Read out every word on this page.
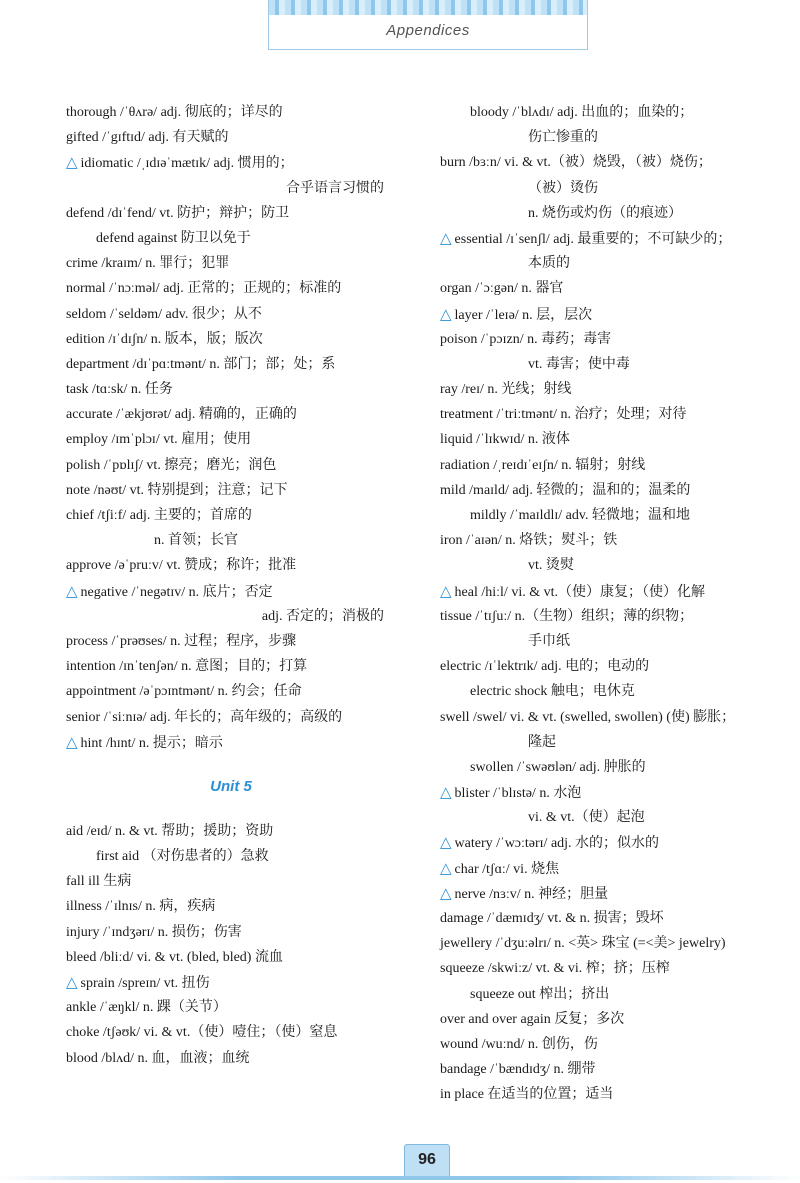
Appendices
thorough /ˈθʌrə/ adj. 彻底的；详尽的
gifted /ˈgɪftɪd/ adj. 有天赋的
△ idiomatic /ˌɪdɪəˈmætɪk/ adj. 惯用的；
合乎语言习惯的
defend /dɪˈfend/ vt. 防护；辩护；防卫
defend against 防卫以免于
crime /kraɪm/ n. 罪行；犯罪
normal /ˈnɔːməl/ adj. 正常的；正规的；标准的
seldom /ˈseldəm/ adv. 很少；从不
edition /ɪˈdɪʃn/ n. 版本，版；版次
department /dɪˈpɑːtmənt/ n. 部门；部；处；系
task /tɑːsk/ n. 任务
accurate /ˈækjʊrət/ adj. 精确的，正确的
employ /ɪmˈplɔɪ/ vt. 雇用；使用
polish /ˈpɒlɪʃ/ vt. 擦亮；磨光；润色
note /nəʊt/ vt. 特别提到；注意；记下
chief /tʃiːf/ adj. 主要的；首席的
n. 首领；长官
approve /əˈpruːv/ vt. 赞成；称许；批准
△ negative /ˈnegətɪv/ n. 底片；否定
adj. 否定的；消极的
process /ˈprəʊses/ n. 过程；程序，步骤
intention /ɪnˈtenʃən/ n. 意图；目的；打算
appointment /əˈpɔɪntmənt/ n. 约会；任命
senior /ˈsiːnɪə/ adj. 年长的；高年级的；高级的
△ hint /hɪnt/ n. 提示；暗示
Unit 5
aid /eɪd/ n. & vt. 帮助；援助；资助
first aid （对伤患者的）急救
fall ill 生病
illness /ˈɪlnɪs/ n. 病，疾病
injury /ˈɪndʒərɪ/ n. 损伤；伤害
bleed /bliːd/ vi. & vt. (bled, bled) 流血
△ sprain /spreɪn/ vt. 扭伤
ankle /ˈæŋkl/ n. 踝（关节）
choke /tʃəʊk/ vi. & vt.（使）噎住；（使）窒息
blood /blʌd/ n. 血，血液；血统
bloody /ˈblʌdɪ/ adj. 出血的；血染的；
伤亡惨重的
burn /bɜːn/ vi. & vt.（被）烧毁，（被）烧伤；
（被）烫伤
n. 烧伤或灼伤（的痕迹）
△ essential /ɪˈsenʃl/ adj. 最重要的；不可缺少的；
本质的
organ /ˈɔːgən/ n. 器官
△ layer /ˈleɪə/ n. 层，层次
poison /ˈpɔɪzn/ n. 毒药；毒害
vt. 毒害；使中毒
ray /reɪ/ n. 光线；射线
treatment /ˈtriːtmənt/ n. 治疗；处理；对待
liquid /ˈlɪkwɪd/ n. 液体
radiation /ˌreɪdɪˈeɪʃn/ n. 辐射；射线
mild /maɪld/ adj. 轻微的；温和的；温柔的
mildly /ˈmaɪldlɪ/ adv. 轻微地；温和地
iron /ˈaɪən/ n. 烙铁；熨斗；铁
vt. 烫熨
△ heal /hiːl/ vi. & vt.（使）康复；（使）化解
tissue /ˈtɪʃuː/ n.（生物）组织；薄的织物；
手巾纸
electric /ɪˈlektrɪk/ adj. 电的；电动的
electric shock 触电；电休克
swell /swel/ vi. & vt. (swelled, swollen) (使) 膨胀；
隆起
swollen /ˈswəʊlən/ adj. 肿胀的
△ blister /ˈblɪstə/ n. 水泡
vi. & vt.（使）起泡
△ watery /ˈwɔːtərɪ/ adj. 水的；似水的
△ char /tʃɑː/ vi. 烧焦
△ nerve /nɜːv/ n. 神经；胆量
damage /ˈdæmɪdʒ/ vt. & n. 损害；毁坏
jewellery /ˈdʒuːəlrɪ/ n. <英> 珠宝 (=<美> jewelry)
squeeze /skwiːz/ vt. & vi. 榨；挤；压榨
squeeze out 榨出；挤出
over and over again 反复；多次
wound /wuːnd/ n. 创伤，伤
bandage /ˈbændɪdʒ/ n. 绷带
in place 在适当的位置；适当
96
